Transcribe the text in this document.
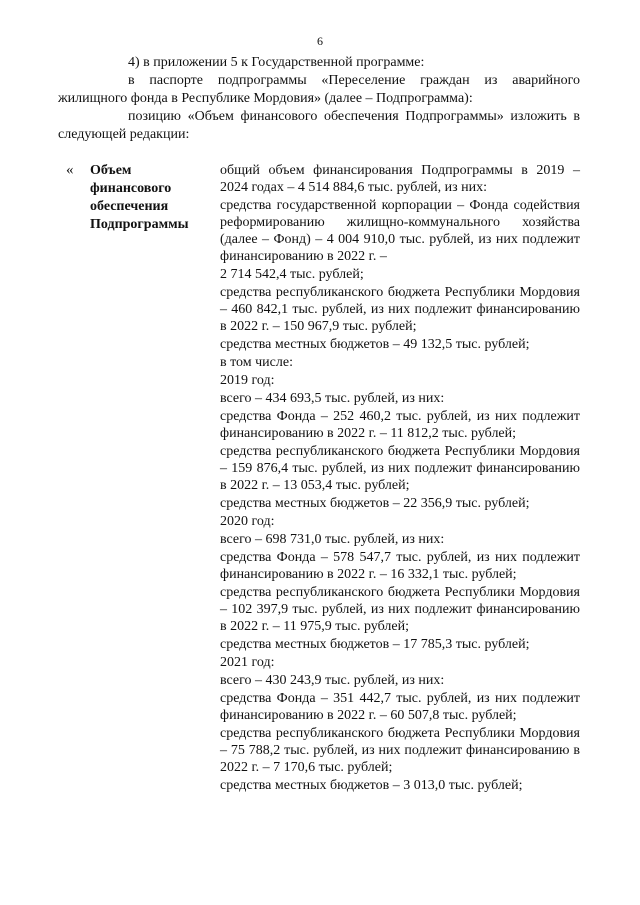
6

4) в приложении 5 к Государственной программе:

в паспорте подпрограммы «Переселение граждан из аварийного жилищного фонда в Республике Мордовия» (далее – Подпрограмма):

позицию «Объем финансового обеспечения Подпрограммы» изложить в следующей редакции:

« Объем
финансового
обеспечения
Подпрограммы

общий объем финансирования Подпрограммы в 2019 – 2024 годах – 4 514 884,6 тыс. рублей, из них:

средства государственной корпорации – Фонда содействия реформированию жилищно-коммунального хозяйства (далее – Фонд) – 4 004 910,0 тыс. рублей, из них подлежит финансированию в 2022 г. –

2 714 542,4 тыс. рублей;

средства республиканского бюджета Республики Мордовия – 460 842,1 тыс. рублей, из них подлежит финансированию в 2022 г. – 150 967,9 тыс. рублей;

средства местных бюджетов – 49 132,5 тыс. рублей;

в том числе:

2019 год:

всего – 434 693,5 тыс. рублей, из них:

средства Фонда – 252 460,2 тыс. рублей, из них подлежит финансированию в 2022 г. – 11 812,2 тыс. рублей;

средства республиканского бюджета Республики Мордовия – 159 876,4 тыс. рублей, из них подлежит финансированию в 2022 г. – 13 053,4 тыс. рублей;

средства местных бюджетов – 22 356,9 тыс. рублей;

2020 год:

всего – 698 731,0 тыс. рублей, из них:

средства Фонда – 578 547,7 тыс. рублей, из них подлежит финансированию в 2022 г. – 16 332,1 тыс. рублей;

средства республиканского бюджета Республики Мордовия – 102 397,9 тыс. рублей, из них подлежит финансированию в 2022 г. – 11 975,9 тыс. рублей;

средства местных бюджетов – 17 785,3 тыс. рублей;

2021 год:

всего – 430 243,9 тыс. рублей, из них:

средства Фонда – 351 442,7 тыс. рублей, из них подлежит финансированию в 2022 г. – 60 507,8 тыс. рублей;

средства республиканского бюджета Республики Мордовия – 75 788,2 тыс. рублей, из них подлежит финансированию в 2022 г. – 7 170,6 тыс. рублей;

средства местных бюджетов – 3 013,0 тыс. рублей;
